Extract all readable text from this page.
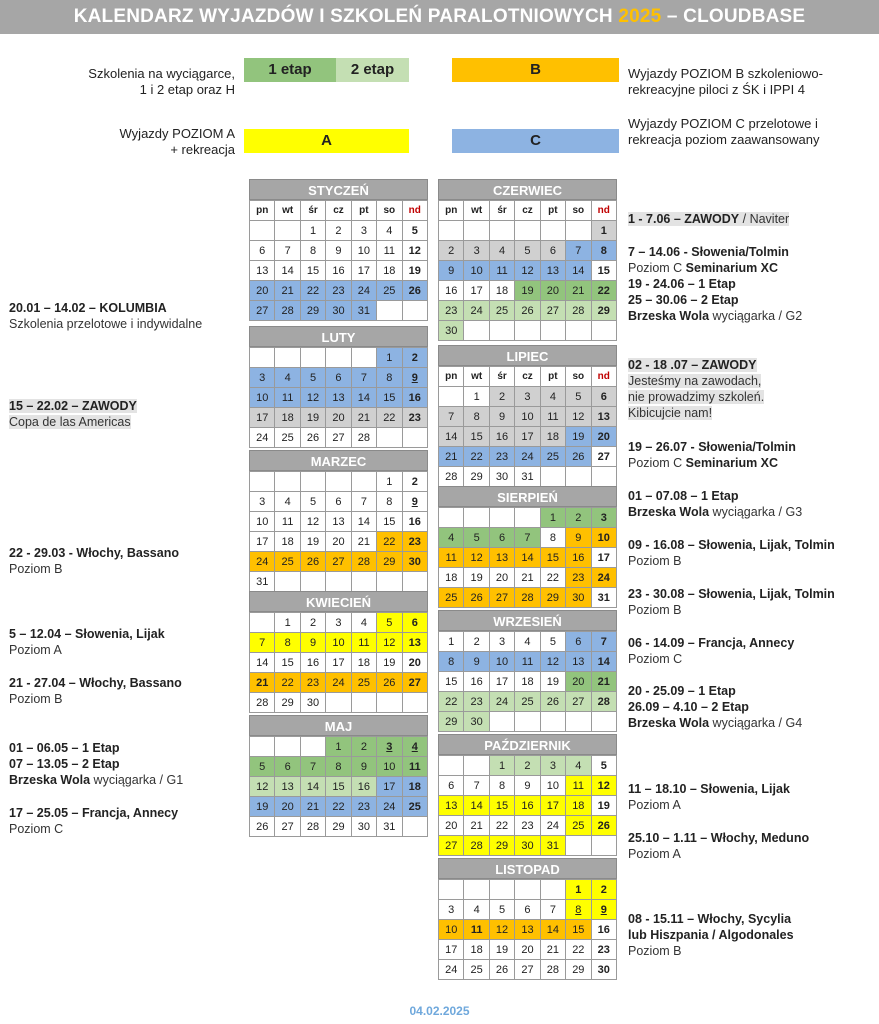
KALENDARZ WYJAZDÓW I SZKOLEŃ PARALOTNIOWYCH 2025 – CLOUDBASE
Szkolenia na wyciągarce,
1 i 2 etap oraz H
1 etap	2 etap	B	Wyjazdy POZIOM B szkoleniowo-
rekreacyjne piloci z ŚK i IPPI 4
Wyjazdy POZIOM A
+ rekreacja
A	C
Wyjazdy POZIOM C przelotowe i
rekreacja poziom zaawansowany
STYCZEŃ
pn	wt	śr	cz	pt	so	nd
		1	2	3	4	5
6	7	8	9	10	11	12
13	14	15	16	17	18	19
20	21	22	23	24	25	26
27	28	29	30	31		
LUTY
					1	2
3	4	5	6	7	8	9
10	11	12	13	14	15	16
17	18	19	20	21	22	23
24	25	26	27	28		
MARZEC
					1	2
3	4	5	6	7	8	9
10	11	12	13	14	15	16
17	18	19	20	21	22	23
24	25	26	27	28	29	30
31						
KWIECIEŃ
	1	2	3	4	5	6
7	8	9	10	11	12	13
14	15	16	17	18	19	20
21	22	23	24	25	26	27
28	29	30				
MAJ
			1	2	3	4
5	6	7	8	9	10	11
12	13	14	15	16	17	18
19	20	21	22	23	24	25
26	27	28	29	30	31	
CZERWIEC
pn	wt	śr	cz	pt	so	nd
						1
2	3	4	5	6	7	8
9	10	11	12	13	14	15
16	17	18	19	20	21	22
23	24	25	26	27	28	29
30						
LIPIEC
pn	wt	śr	cz	pt	so	nd
	1	2	3	4	5	6
7	8	9	10	11	12	13
14	15	16	17	18	19	20
21	22	23	24	25	26	27
28	29	30	31			
SIERPIEŃ
				1	2	3
4	5	6	7	8	9	10
11	12	13	14	15	16	17
18	19	20	21	22	23	24
25	26	27	28	29	30	31
WRZESIEŃ
1	2	3	4	5	6	7
8	9	10	11	12	13	14
15	16	17	18	19	20	21
22	23	24	25	26	27	28
29	30					
PAŹDZIERNIK
		1	2	3	4	5
6	7	8	9	10	11	12
13	14	15	16	17	18	19
20	21	22	23	24	25	26
27	28	29	30	31		
LISTOPAD
					1	2
3	4	5	6	7	8	9
10	11	12	13	14	15	16
17	18	19	20	21	22	23
24	25	26	27	28	29	30
20.01 – 14.02 – KOLUMBIA
Szkolenia przelotowe i indywidalne
15 – 22.02 – ZAWODY
Copa de las Americas
22 - 29.03 - Włochy, Bassano
Poziom B
5 – 12.04 – Słowenia, Lijak
Poziom A
21 - 27.04 – Włochy, Bassano
Poziom B
01 – 06.05 – 1 Etap
07 – 13.05 – 2 Etap
Brzeska Wola wyciągarka / G1
17 – 25.05 – Francja, Annecy
Poziom C
1 - 7.06 – ZAWODY / Naviter
7 – 14.06 - Słowenia/Tolmin
Poziom C Seminarium XC
19 - 24.06 – 1 Etap
25 – 30.06 – 2 Etap
Brzeska Wola wyciągarka / G2
02 - 18 .07 – ZAWODY
Jesteśmy na zawodach,
nie prowadzimy szkoleń.
Kibicujcie nam!
19 – 26.07 - Słowenia/Tolmin
Poziom C Seminarium XC
01 – 07.08 – 1 Etap
Brzeska Wola wyciągarka / G3
09 - 16.08 – Słowenia, Lijak, Tolmin
Poziom B
23 - 30.08 – Słowenia, Lijak, Tolmin
Poziom B
06 - 14.09 – Francja, Annecy
Poziom C
20 - 25.09 – 1 Etap
26.09 – 4.10 – 2 Etap
Brzeska Wola wyciągarka / G4
11 – 18.10 – Słowenia, Lijak
Poziom A
25.10 – 1.11 – Włochy, Meduno
Poziom A
08 - 15.11 – Włochy, Sycylia
lub Hiszpania / Algodonales
Poziom B
04.02.2025
